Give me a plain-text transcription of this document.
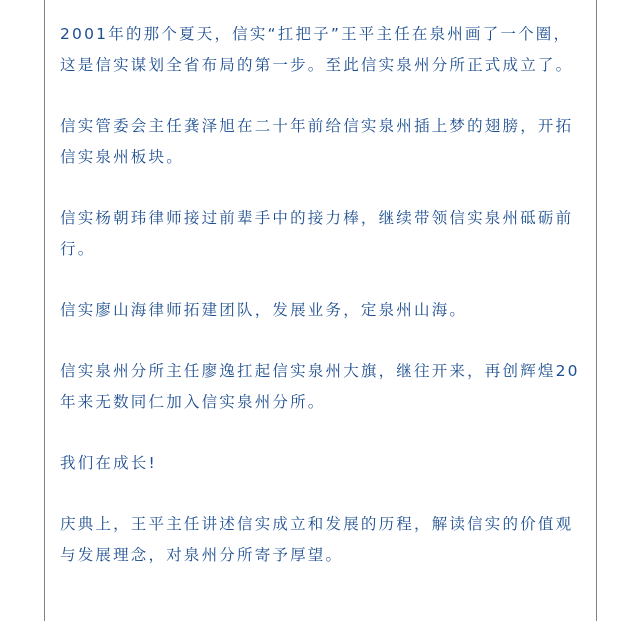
2001年的那个夏天，信实“扛把子”王平主任在泉州画了一个圈，这是信实谋划全省布局的第一步。至此信实泉州分所正式成立了。

信实管委会主任龚泽旭在二十年前给信实泉州插上梦的翅膀，开拓信实泉州板块。

信实杨朝玮律师接过前辈手中的接力棒，继续带领信实泉州砥砺前行。

信实廖山海律师拓建团队，发展业务，定泉州山海。

信实泉州分所主任廖逸扛起信实泉州大旗，继往开来，再创辉煌20年来无数同仁加入信实泉州分所。

我们在成长!

庆典上，王平主任讲述信实成立和发展的历程，解读信实的价值观与发展理念，对泉州分所寄予厚望。
